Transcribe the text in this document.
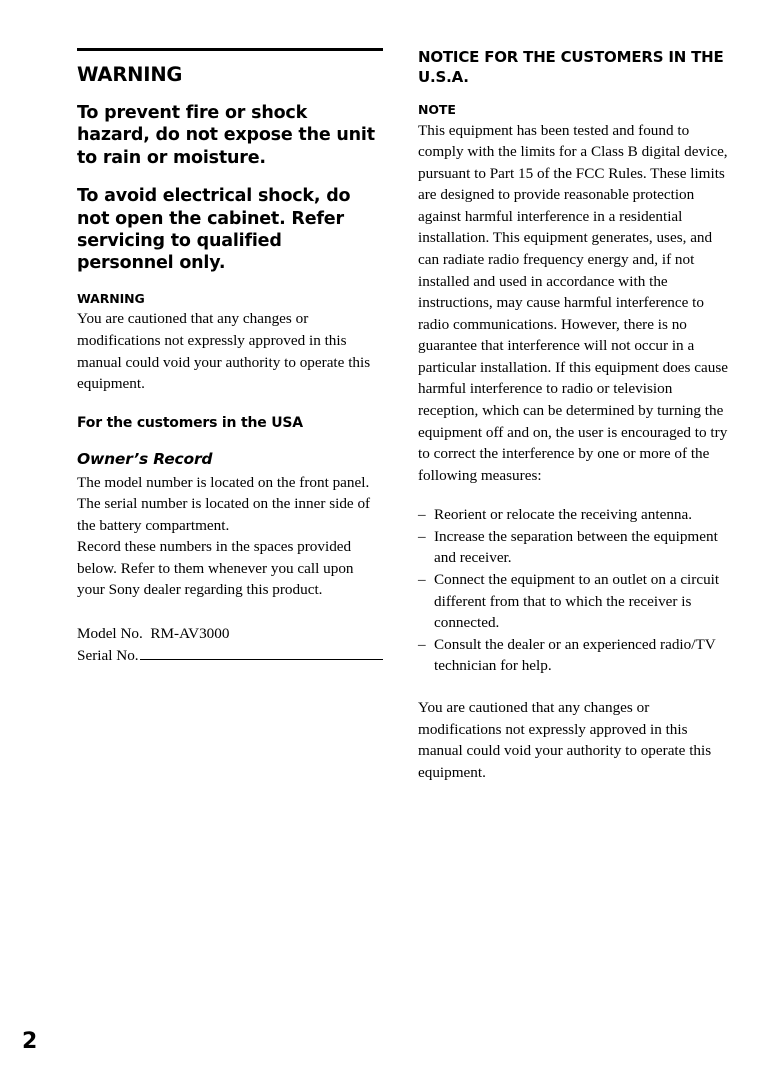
WARNING

To prevent fire or shock hazard, do not expose the unit to rain or moisture.

To avoid electrical shock, do not open the cabinet. Refer servicing to qualified personnel only.

WARNING

You are cautioned that any changes or modifications not expressly approved in this manual could void your authority to operate this equipment.

For the customers in the USA
Owner’s Record

The model number is located on the front panel.

The serial number is located on the inner side of the battery compartment.

Record these numbers in the spaces provided below. Refer to them whenever you call upon your Sony dealer regarding this product.

Model No. RM-AV3000
Serial No.
NOTICE FOR THE CUSTOMERS IN THE U.S.A.
NOTE

This equipment has been tested and found to comply with the limits for a Class B digital device, pursuant to Part 15 of the FCC Rules. These limits are designed to provide reasonable protection against harmful interference in a residential installation. This equipment generates, uses, and can radiate radio frequency energy and, if not installed and used in accordance with the instructions, may cause harmful interference to radio communications. However, there is no guarantee that interference will not occur in a particular installation. If this equipment does cause harmful interference to radio or television reception, which can be determined by turning the equipment off and on, the user is encouraged to try to correct the interference by one or more of the following measures:

– Reorient or relocate the receiving antenna.
– Increase the separation between the equipment and receiver.
– Connect the equipment to an outlet on a circuit different from that to which the receiver is connected.
– Consult the dealer or an experienced radio/TV technician for help.

You are cautioned that any changes or modifications not expressly approved in this manual could void your authority to operate this equipment.

2
